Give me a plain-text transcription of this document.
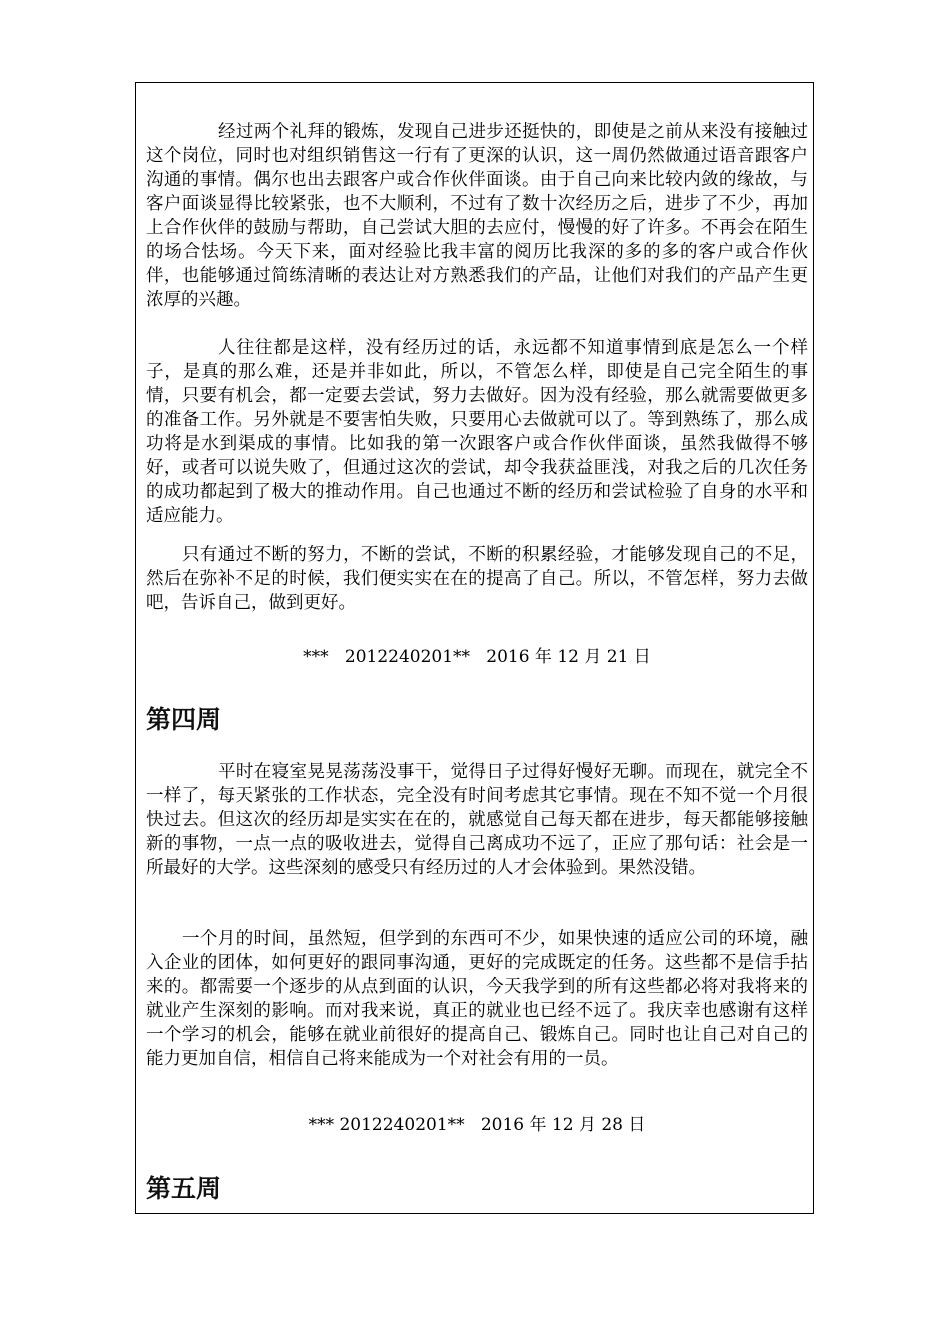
经过两个礼拜的锻炼，发现自己进步还挺快的，即使是之前从来没有接触过这个岗位，同时也对组织销售这一行有了更深的认识，这一周仍然做通过语音跟客户沟通的事情。偶尔也出去跟客户或合作伙伴面谈。由于自己向来比较内敛的缘故，与客户面谈显得比较紧张，也不大顺利，不过有了数十次经历之后，进步了不少，再加上合作伙伴的鼓励与帮助，自己尝试大胆的去应付，慢慢的好了许多。不再会在陌生的场合怯场。今天下来，面对经验比我丰富的阅历比我深的多的多的客户或合作伙伴，也能够通过简练清晰的表达让对方熟悉我们的产品，让他们对我们的产品产生更浓厚的兴趣。

人往往都是这样，没有经历过的话，永远都不知道事情到底是怎么一个样子，是真的那么难，还是并非如此，所以，不管怎么样，即使是自己完全陌生的事情，只要有机会，都一定要去尝试，努力去做好。因为没有经验，那么就需要做更多的准备工作。另外就是不要害怕失败，只要用心去做就可以了。等到熟练了，那么成功将是水到渠成的事情。比如我的第一次跟客户或合作伙伴面谈，虽然我做得不够好，或者可以说失败了，但通过这次的尝试，却令我获益匪浅，对我之后的几次任务的成功都起到了极大的推动作用。自己也通过不断的经历和尝试检验了自身的水平和适应能力。

只有通过不断的努力，不断的尝试，不断的积累经验，才能够发现自己的不足，然后在弥补不足的时候，我们便实实在在的提高了自己。所以，不管怎样，努力去做吧，告诉自己，做到更好。

***   2012240201**   2016 年 12 月 21 日
第四周

平时在寝室晃晃荡荡没事干，觉得日子过得好慢好无聊。而现在，就完全不一样了，每天紧张的工作状态，完全没有时间考虑其它事情。现在不知不觉一个月很快过去。但这次的经历却是实实在在的，就感觉自己每天都在进步，每天都能够接触新的事物，一点一点的吸收进去，觉得自己离成功不远了，正应了那句话：社会是一所最好的大学。这些深刻的感受只有经历过的人才会体验到。果然没错。

一个月的时间，虽然短，但学到的东西可不少，如果快速的适应公司的环境，融入企业的团体，如何更好的跟同事沟通，更好的完成既定的任务。这些都不是信手拈来的。都需要一个逐步的从点到面的认识，今天我学到的所有这些都必将对我将来的就业产生深刻的影响。而对我来说，真正的就业也已经不远了。我庆幸也感谢有这样一个学习的机会，能够在就业前很好的提高自己、锻炼自己。同时也让自己对自己的能力更加自信，相信自己将来能成为一个对社会有用的一员。

*** 2012240201**   2016 年 12 月 28 日
第五周
